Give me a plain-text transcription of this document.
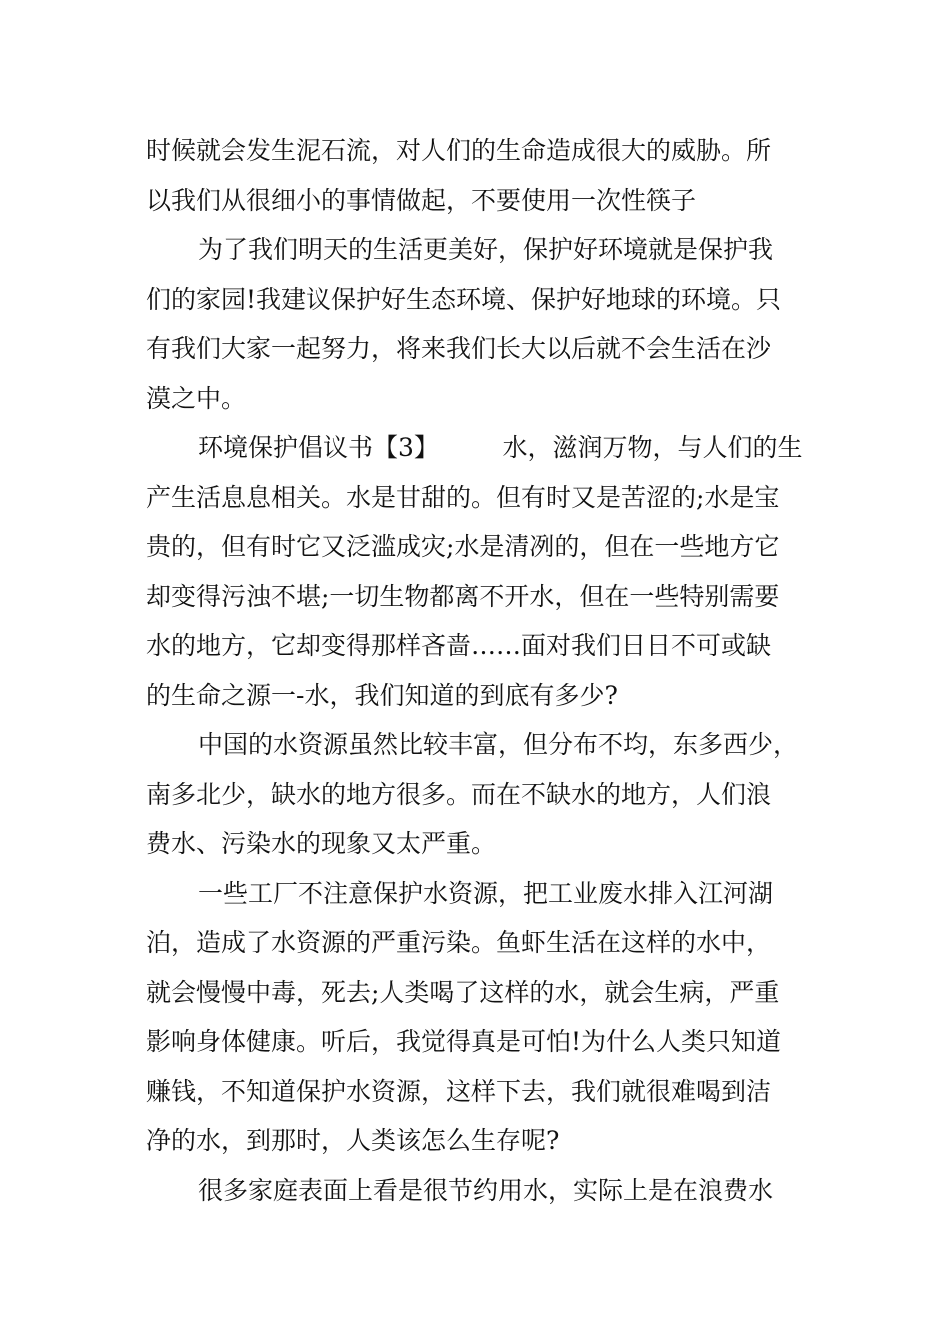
时候就会发生泥石流，对人们的生命造成很大的威胁。所
以我们从很细小的事情做起，不要使用一次性筷子
为了我们明天的生活更美好，保护好环境就是保护我
们的家园!我建议保护好生态环境、保护好地球的环境。只
有我们大家一起努力，将来我们长大以后就不会生活在沙
漠之中。
环境保护倡议书【3】        水，滋润万物，与人们的生
产生活息息相关。水是甘甜的。但有时又是苦涩的;水是宝
贵的，但有时它又泛滥成灾;水是清冽的，但在一些地方它
却变得污浊不堪;一切生物都离不开水，但在一些特别需要
水的地方，它却变得那样吝啬……面对我们日日不可或缺
的生命之源一-水，我们知道的到底有多少?
中国的水资源虽然比较丰富，但分布不均，东多西少，
南多北少，缺水的地方很多。而在不缺水的地方，人们浪
费水、污染水的现象又太严重。
一些工厂不注意保护水资源，把工业废水排入江河湖
泊，造成了水资源的严重污染。鱼虾生活在这样的水中，
就会慢慢中毒，死去;人类喝了这样的水，就会生病，严重
影响身体健康。听后，我觉得真是可怕!为什么人类只知道
赚钱，不知道保护水资源，这样下去，我们就很难喝到洁
净的水，到那时，人类该怎么生存呢?
很多家庭表面上看是很节约用水，实际上是在浪费水
